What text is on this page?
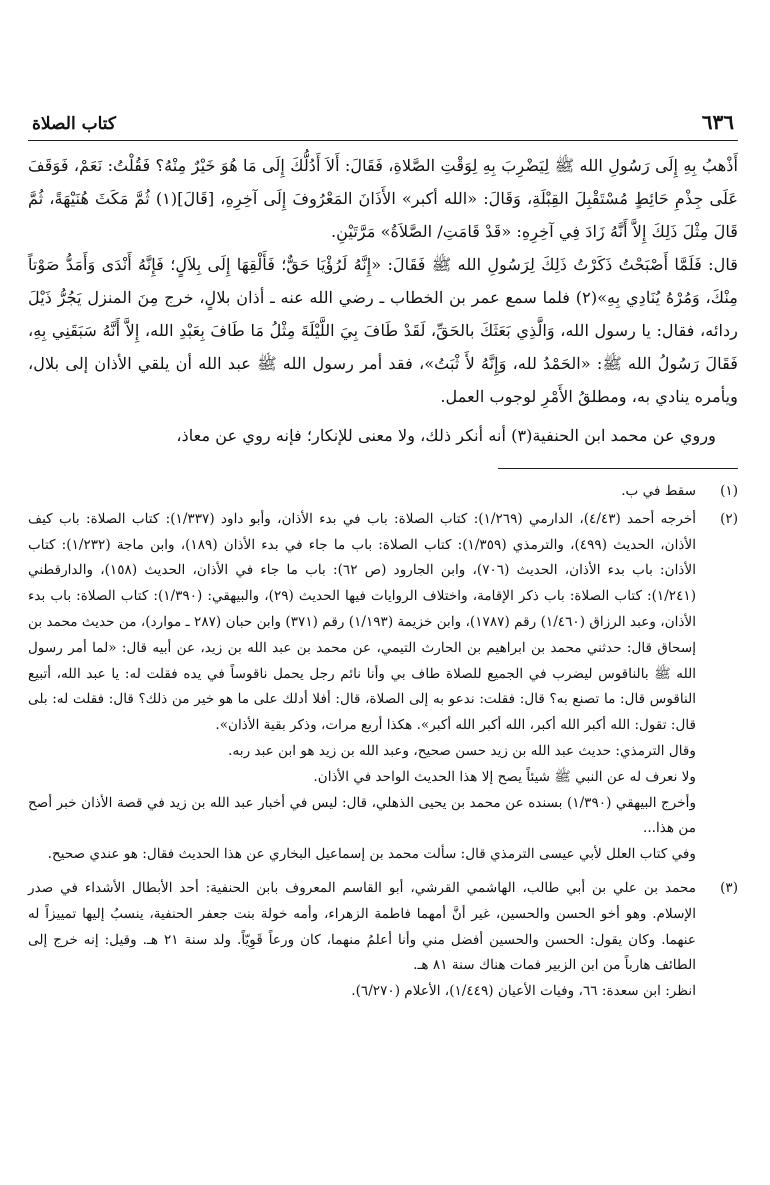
٦٣٦
كتاب الصلاة

أَذْهبُ بِهِ إِلَى رَسُولِ الله ﷺ لِيَضْرِبَ بِهِ لِوَقْتِ الصَّلاةِ، فَقَالَ: أَلاَ أَدُلُّكَ إِلَى مَا هُوَ خَيْرٌ مِنْهُ؟ فَقُلْتُ: نَعَمْ، فَوَقَفَ عَلَى جِذْمِ حَائِطٍ مُسْتَقْبِلَ القِبْلَةِ، وَقَالَ: «الله أكبر» الأَذَانَ المَعْرُوفَ إِلَى آخِرِهِ، [قَالَ](١) ثُمَّ مَكَثَ هُنَيْهَةً، ثُمَّ قَالَ مِثْلَ ذَلِكَ إِلاَّ أَنَّهُ زَادَ فِي آخِرِهِ: «قَدْ قَامَتِ/ الصَّلاَةُ» مَرَّتَيْنِ.

قال: فَلَمَّا أَصْبَحْتُ ذَكَرْتُ ذَلِكَ لِرَسُولِ الله ﷺ فَقَالَ: «إِنَّهُ لَرُؤْيَا حَقٌّ؛ فَأَلْقِهَا إِلَى بِلاَلٍ؛ فَإِنَّهُ أَنْدَى وَأَمَدُّ صَوْتاً مِنْكَ، وَمُرْهُ يُنَادِي بِهِ»(٢) فلما سمع عمر بن الخطاب ـ رضي الله عنه ـ أذان بلالٍ، خرج مِنَ المنزل يَجُرُّ ذَيْلَ ردائه، فقال: يا رسول الله، وَالَّذِي بَعَثَكَ بالحَقِّ، لَقَدْ طَافَ بِيَ اللَّيْلَةَ مِثْلُ مَا طَافَ بِعَبْدِ الله، إِلاَّ أَنَّهُ سَبَقَنِي بِهِ، فَقَالَ رَسُولُ الله ﷺ: «الحَمْدُ لله، وَإِنَّهُ لأَ ثْبَتُ»، فقد أمر رسول الله ﷺ عبد الله أن يلقي الأذان إلى بلال، ويأمره ينادي به، ومطلقُ الأَمْرِ لوجوب العمل.

وروي عن محمد ابن الحنفية(٣) أنه أنكر ذلك، ولا معنى للإنكار؛ فإنه روي عن معاذ،

(١)

سقط في ب.

(٢)

أخرجه أحمد (٤/٤٣)، الدارمي (١/٢٦٩): كتاب الصلاة: باب في بدء الأذان، وأبو داود (١/٣٣٧): كتاب الصلاة: باب كيف الأذان، الحديث (٤٩٩)، والترمذي (١/٣٥٩): كتاب الصلاة: باب ما جاء في بدء الأذان (١٨٩)، وابن ماجة (١/٢٣٢): كتاب الأذان: باب بدء الأذان، الحديث (٧٠٦)، وابن الجارود (ص ٦٢): باب ما جاء في الأذان، الحديث (١٥٨)، والدارقطني (١/٢٤١): كتاب الصلاة: باب ذكر الإقامة، واختلاف الروايات فيها الحديث (٢٩)، والبيهقي: (١/٣٩٠): كتاب الصلاة: باب بدء الأذان، وعبد الرزاق (١/٤٦٠) رقم (١٧٨٧)، وابن خزيمة (١/١٩٣) رقم (٣٧١) وابن حبان (٢٨٧ ـ موارد)، من حديث محمد بن إسحاق قال: حدثني محمد بن ابراهيم بن الحارث التيمي، عن محمد بن عبد الله بن زيد، عن أبيه قال: «لما أمر رسول الله ﷺ بالناقوس ليضرب في الجميع للصلاة طاف بي وأنا نائم رجل يحمل ناقوساً في يده فقلت له: يا عبد الله، أتبيع الناقوس قال: ما تصنع به؟ قال: فقلت: ندعو به إلى الصلاة، قال: أفلا أدلك على ما هو خير من ذلك؟ قال: فقلت له: بلى قال: تقول: الله أكبر الله أكبر، الله أكبر الله أكبر». هكذا أربع مرات، وذكر بقية الأذان».

وقال الترمذي: حديث عبد الله بن زيد حسن صحيح، وعبد الله بن زيد هو ابن عبد ربه.

ولا نعرف له عن النبي ﷺ شيئاً يصح إلا هذا الحديث الواحد في الأذان.

وأخرج البيهقي (١/٣٩٠) بسنده عن محمد بن يحيى الذهلي، قال: ليس في أخبار عبد الله بن زيد في قصة الأذان خبر أصح من هذا...

وفي كتاب العلل لأبي عيسى الترمذي قال: سألت محمد بن إسماعيل البخاري عن هذا الحديث فقال: هو عندي صحيح.

(٣)

محمد بن علي بن أبي طالب، الهاشمي القرشي، أبو القاسم المعروف بابن الحنفية: أحد الأبطال الأشداء في صدر الإسلام. وهو أخو الحسن والحسين، غير أنَّ أمهما فاطمة الزهراء، وأمه خولة بنت جعفر الحنفية، ينسبُ إليها تمييزاً له عنهما. وكان يقول: الحسن والحسين أفضل مني وأنا أعلمُ منهما، كان ورعاً قَوِيّاً. ولد سنة ٢١ هـ. وقيل: إنه خرج إلى الطائف هارباً من ابن الزبير فمات هناك سنة ٨١ هـ.

انظر: ابن سعدة: ٦٦، وفيات الأعيان (١/٤٤٩)، الأعلام (٦/٢٧٠).
